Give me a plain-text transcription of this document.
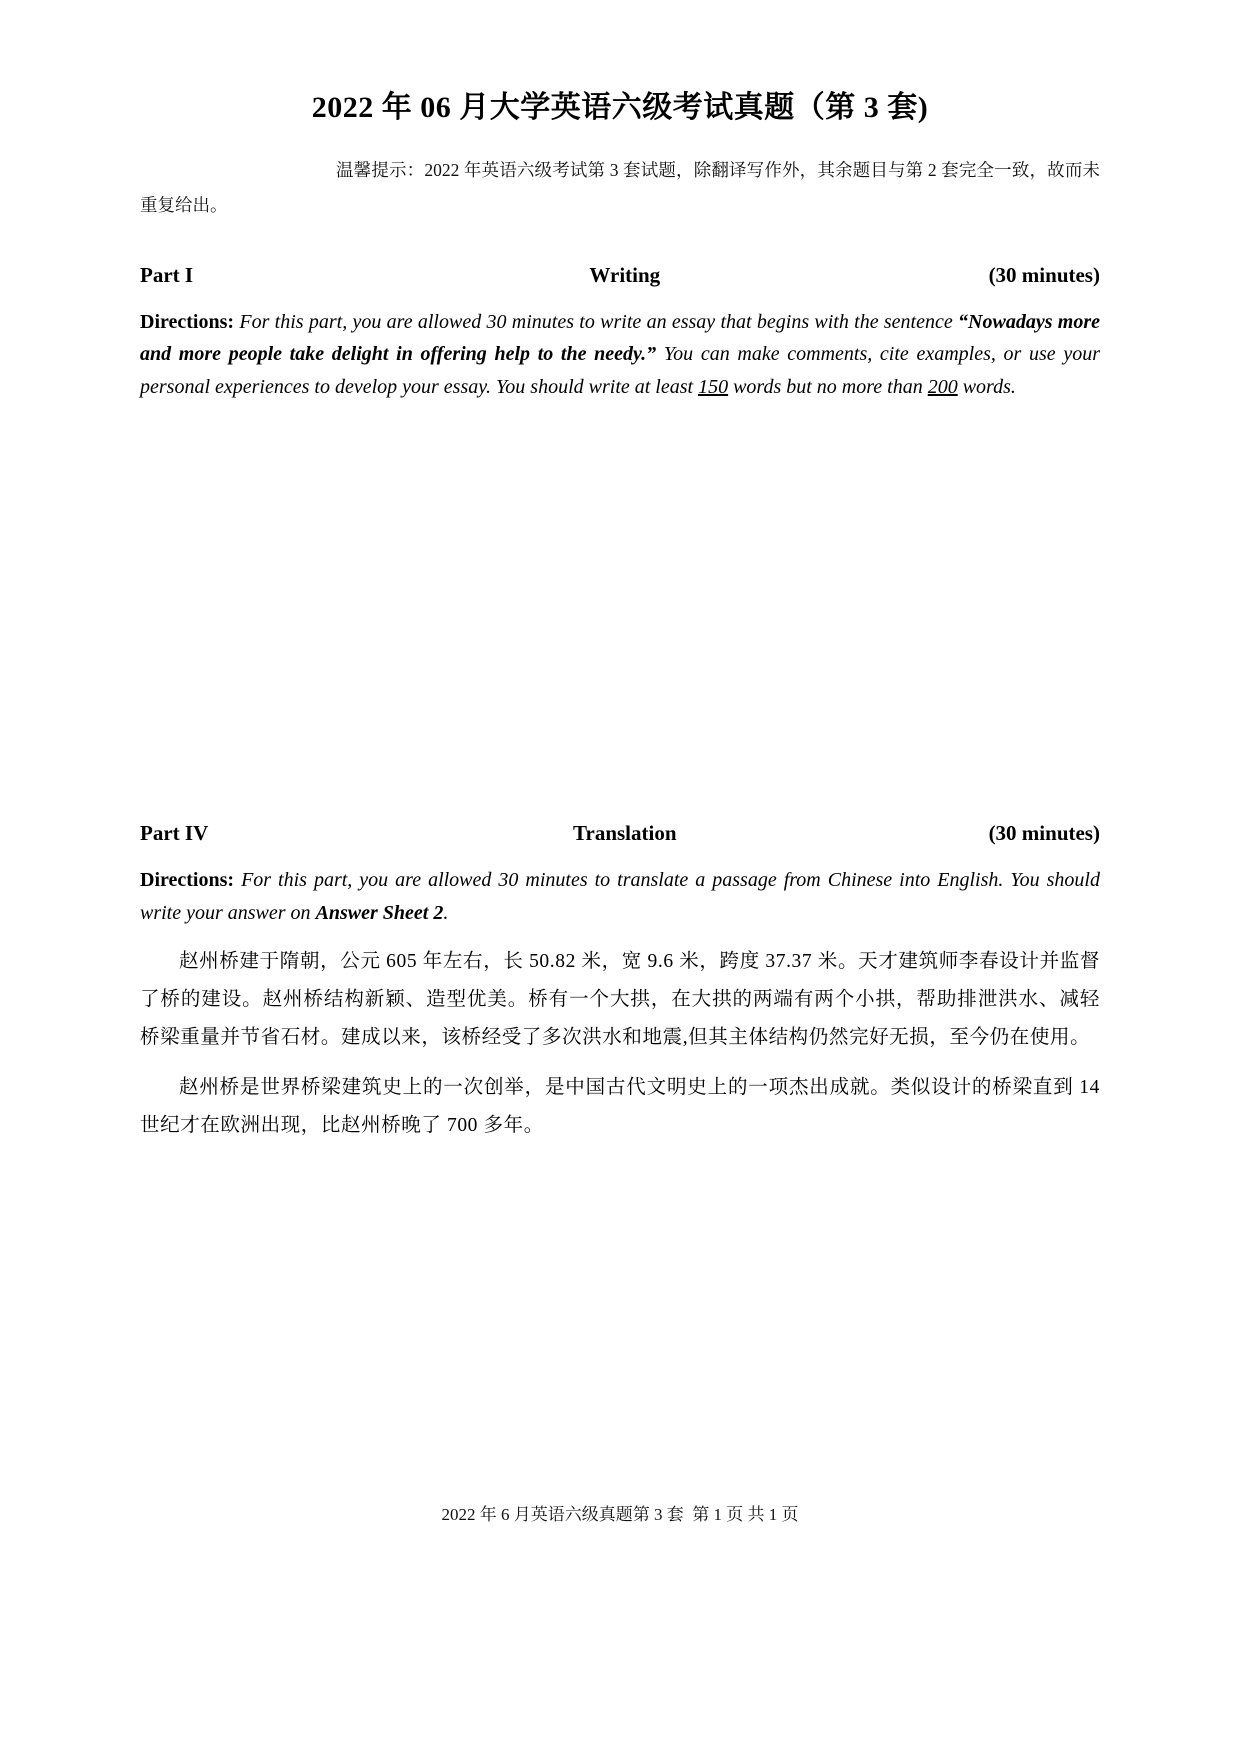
2022 年 06 月大学英语六级考试真题（第 3 套)
温馨提示：2022 年英语六级考试第 3 套试题，除翻译写作外，其余题目与第 2 套完全一致，故而未重复给出。
Part I	Writing	(30 minutes)
Directions: For this part, you are allowed 30 minutes to write an essay that begins with the sentence “Nowadays more and more people take delight in offering help to the needy.” You can make comments, cite examples, or use your personal experiences to develop your essay. You should write at least 150 words but no more than 200 words.
Part IV	Translation	(30 minutes)
Directions: For this part, you are allowed 30 minutes to translate a passage from Chinese into English. You should write your answer on Answer Sheet 2.
赵州桥建于隋朝，公元 605 年左右，长 50.82 米，宽 9.6 米，跨度 37.37 米。天才建筑师李春设计并监督了桥的建设。赵州桥结构新颖、造型优美。桥有一个大拱，在大拱的两端有两个小拱，帮助排泄洪水、减轻桥梁重量并节省石材。建成以来，该桥经受了多次洪水和地震,但其主体结构仍然完好无损，至今仍在使用。
赵州桥是世界桥梁建筑史上的一次创举，是中国古代文明史上的一项杰出成就。类似设计的桥梁直到 14 世纪才在欧洲出现，比赵州桥晚了 700 多年。
2022 年 6 月英语六级真题第 3 套  第 1 页 共 1 页
